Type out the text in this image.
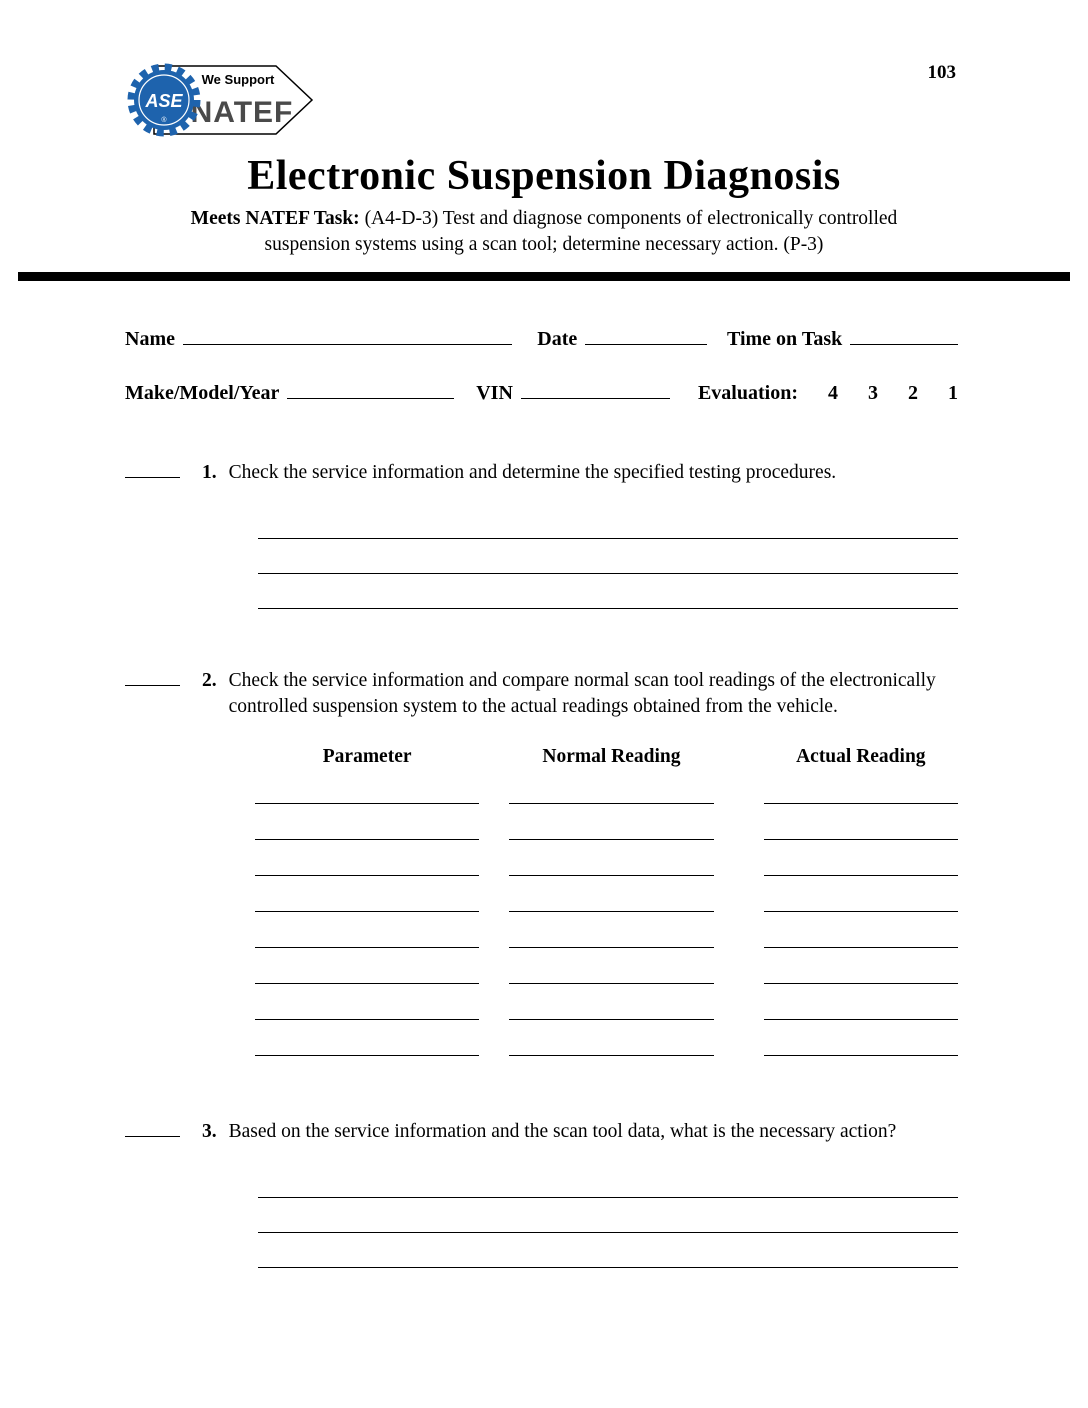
103
We Support
NATEF
ASE
®
Electronic Suspension Diagnosis

Meets NATEF Task: (A4-D-3) Test and diagnose components of electronically controlled suspension systems using a scan tool; determine necessary action. (P-3)

Name	Date	Time on Task
Make/Model/Year	VIN	Evaluation: 4 3 2 1
1. Check the service information and determine the specified testing procedures.
2. Check the service information and compare normal scan tool readings of the electronically controlled suspension system to the actual readings obtained from the vehicle.
Parameter	Normal Reading	Actual Reading
3. Based on the service information and the scan tool data, what is the necessary action?
